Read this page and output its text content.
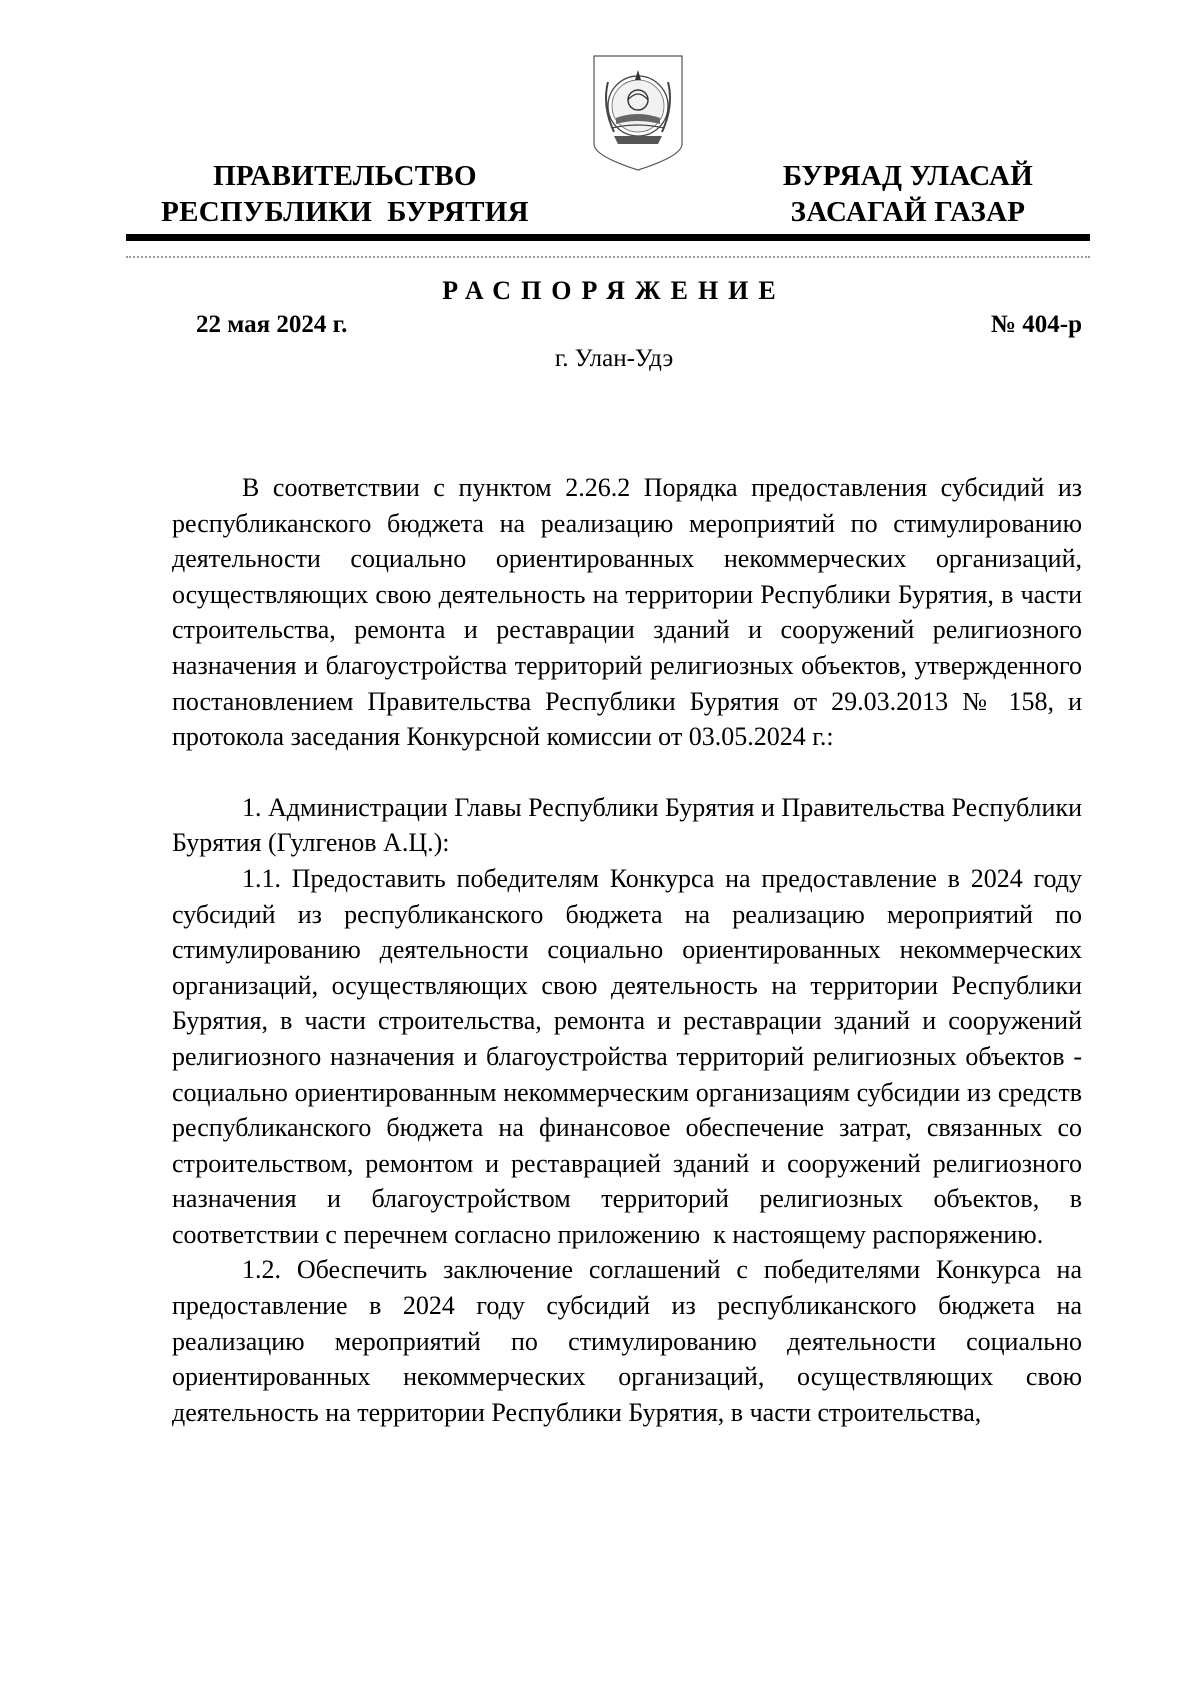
ПРАВИТЕЛЬСТВО
РЕСПУБЛИКИ  БУРЯТИЯ
БУРЯАД УЛАСАЙ
ЗАСАГАЙ ГАЗАР
РАСПОРЯЖЕНИЕ
22 мая 2024 г.	№ 404-р
г. Улан-Удэ

В соответствии с пунктом 2.26.2 Порядка предоставления субсидий из республиканского бюджета на реализацию мероприятий по стимулированию деятельности социально ориентированных некоммерческих организаций, осуществляющих свою деятельность на территории Республики Бурятия, в части строительства, ремонта и реставрации зданий и сооружений религиозного назначения и благоустройства территорий религиозных объектов, утвержденного постановлением Правительства Республики Бурятия от 29.03.2013 № 158, и протокола заседания Конкурсной комиссии от 03.05.2024 г.:

1. Администрации Главы Республики Бурятия и Правительства Республики Бурятия (Гулгенов А.Ц.):

1.1. Предоставить победителям Конкурса на предоставление в 2024 году субсидий из республиканского бюджета на реализацию мероприятий по стимулированию деятельности социально ориентированных некоммерческих организаций, осуществляющих свою деятельность на территории Республики Бурятия, в части строительства, ремонта и реставрации зданий и сооружений религиозного назначения и благоустройства территорий религиозных объектов - социально ориентированным некоммерческим организациям субсидии из средств республиканского бюджета на финансовое обеспечение затрат, связанных со строительством, ремонтом и реставрацией зданий и сооружений религиозного назначения и благоустройством территорий религиозных объектов, в соответствии с перечнем согласно приложению  к настоящему распоряжению.

1.2. Обеспечить заключение соглашений с победителями Конкурса на предоставление в 2024 году субсидий из республиканского бюджета на реализацию мероприятий по стимулированию деятельности социально ориентированных некоммерческих организаций, осуществляющих свою деятельность на территории Республики Бурятия, в части строительства,
